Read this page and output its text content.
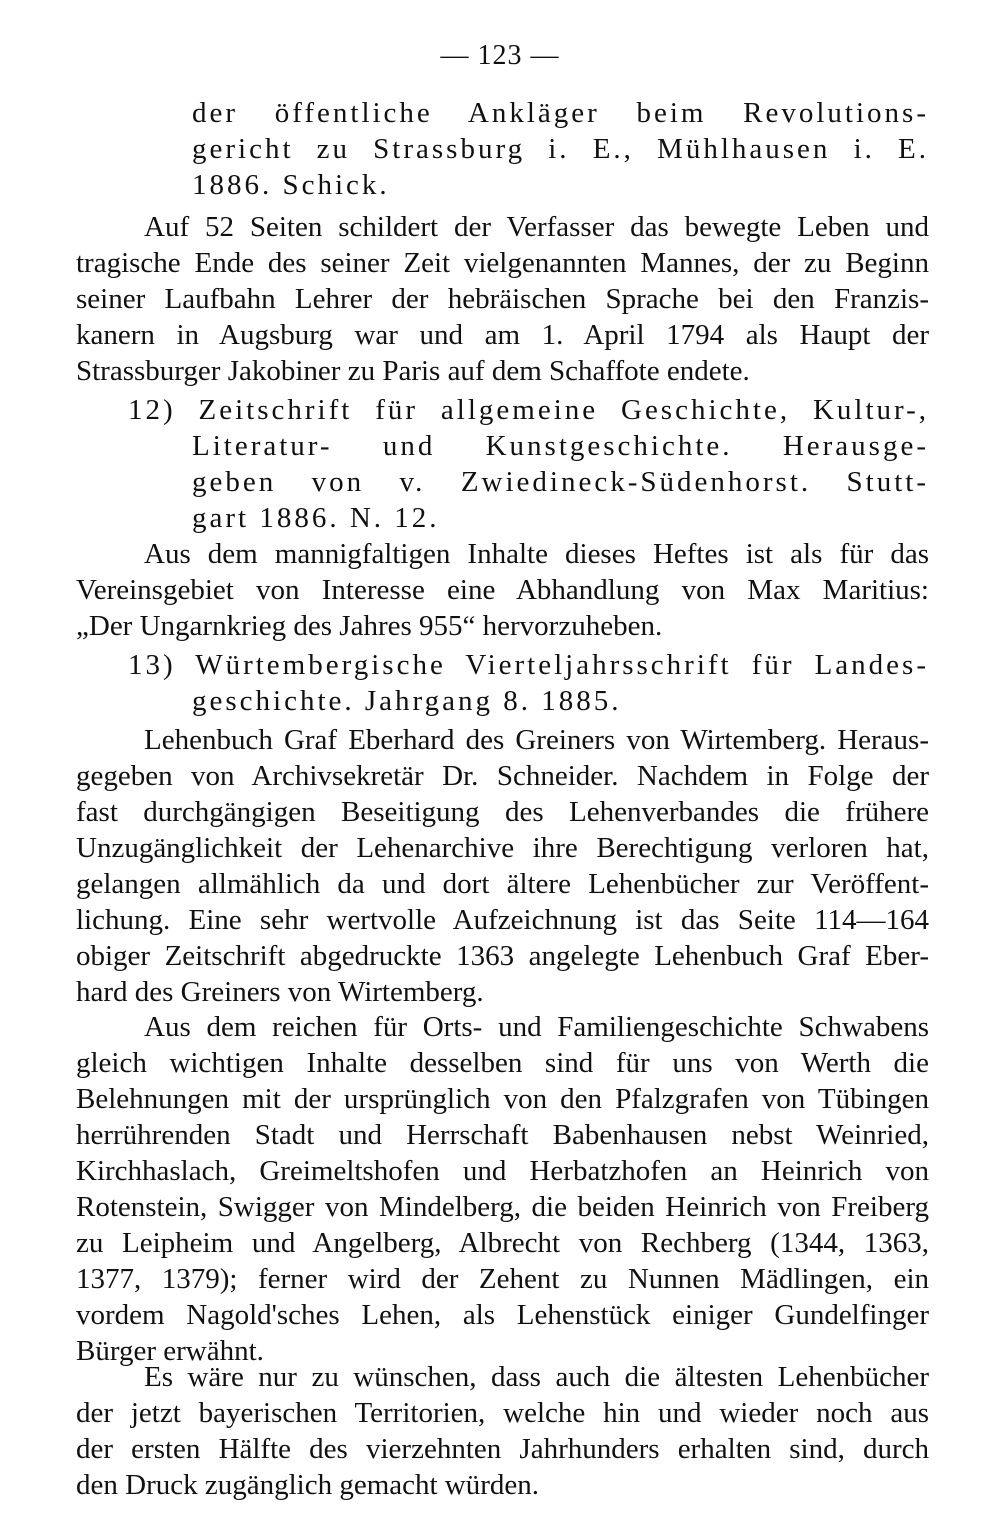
— 123 —
der öffentliche Ankläger beim Revolutions-
gericht zu Strassburg i. E., Mühlhausen i. E.
1886. Schick.
Auf 52 Seiten schildert der Verfasser das bewegte Leben und
tragische Ende des seiner Zeit vielgenannten Mannes, der zu Beginn
seiner Laufbahn Lehrer der hebräischen Sprache bei den Franzis-
kanern in Augsburg war und am 1. April 1794 als Haupt der
Strassburger Jakobiner zu Paris auf dem Schaffote endete.
12) Zeitschrift für allgemeine Geschichte, Kultur-,
Literatur- und Kunstgeschichte. Herausge-
geben von v. Zwiedineck-Südenhorst. Stutt-
gart 1886. N. 12.
Aus dem mannigfaltigen Inhalte dieses Heftes ist als für das
Vereinsgebiet von Interesse eine Abhandlung von Max Maritius:
„Der Ungarnkrieg des Jahres 955“ hervorzuheben.
13) Würtembergische Vierteljahrsschrift für Landes-
geschichte. Jahrgang 8. 1885.
Lehenbuch Graf Eberhard des Greiners von Wirtemberg. Heraus-
gegeben von Archivsekretär Dr. Schneider. Nachdem in Folge der
fast durchgängigen Beseitigung des Lehenverbandes die frühere
Unzugänglichkeit der Lehenarchive ihre Berechtigung verloren hat,
gelangen allmählich da und dort ältere Lehenbücher zur Veröffent-
lichung. Eine sehr wertvolle Aufzeichnung ist das Seite 114—164
obiger Zeitschrift abgedruckte 1363 angelegte Lehenbuch Graf Eber-
hard des Greiners von Wirtemberg.
Aus dem reichen für Orts- und Familiengeschichte Schwabens
gleich wichtigen Inhalte desselben sind für uns von Werth die
Belehnungen mit der ursprünglich von den Pfalzgrafen von Tübingen
herrührenden Stadt und Herrschaft Babenhausen nebst Weinried,
Kirchhaslach, Greimeltshofen und Herbatzhofen an Heinrich von
Rotenstein, Swigger von Mindelberg, die beiden Heinrich von Freiberg
zu Leipheim und Angelberg, Albrecht von Rechberg (1344, 1363,
1377, 1379); ferner wird der Zehent zu Nunnen Mädlingen, ein
vordem Nagold'sches Lehen, als Lehenstück einiger Gundelfinger
Bürger erwähnt.
Es wäre nur zu wünschen, dass auch die ältesten Lehenbücher
der jetzt bayerischen Territorien, welche hin und wieder noch aus
der ersten Hälfte des vierzehnten Jahrhunders erhalten sind, durch
den Druck zugänglich gemacht würden.
